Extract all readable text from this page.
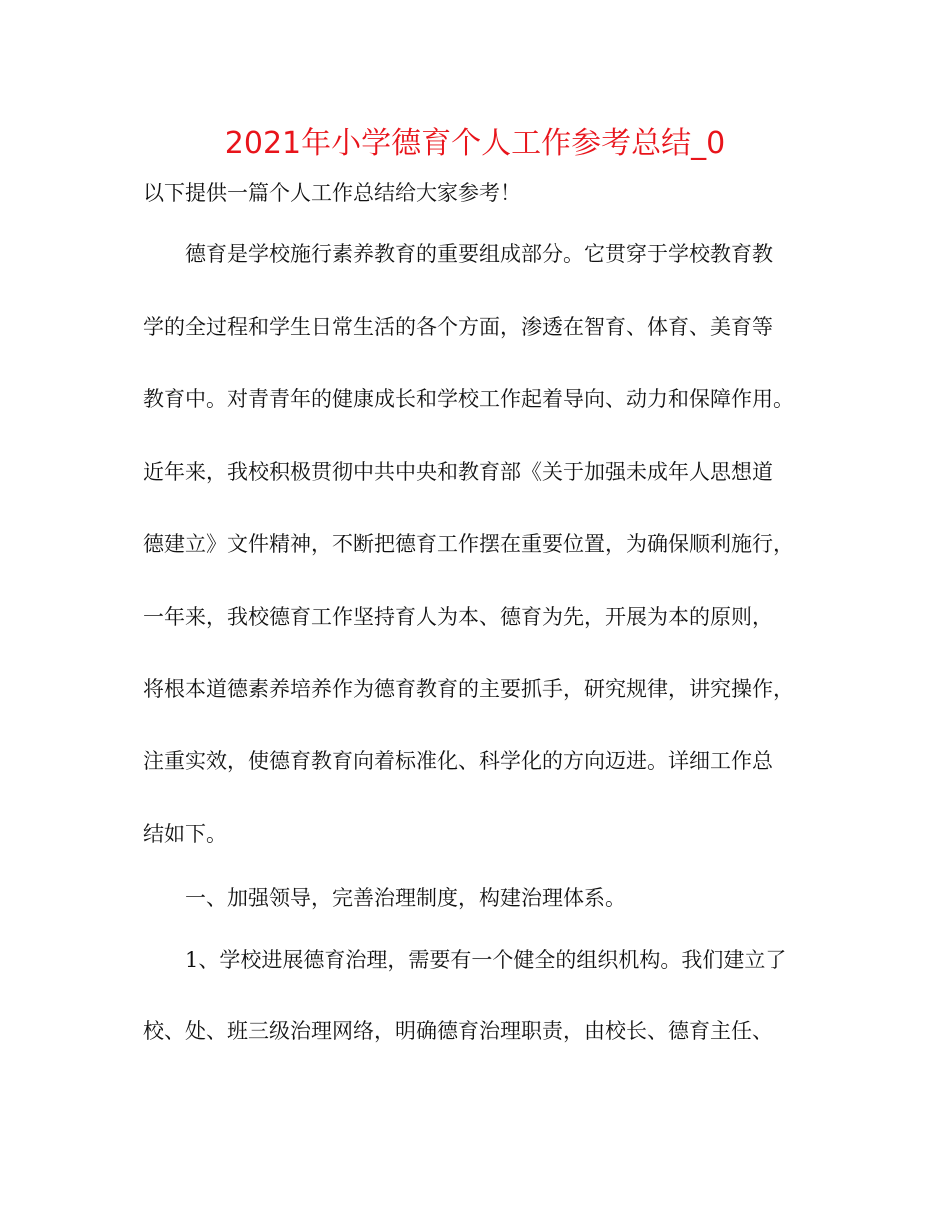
2021年小学德育个人工作参考总结_0
以下提供一篇个人工作总结给大家参考！
德育是学校施行素养教育的重要组成部分。它贯穿于学校教育教
学的全过程和学生日常生活的各个方面，渗透在智育、体育、美育等
教育中。对青青年的健康成长和学校工作起着导向、动力和保障作用。
近年来，我校积极贯彻中共中央和教育部《关于加强未成年人思想道
德建立》文件精神，不断把德育工作摆在重要位置，为确保顺利施行，
一年来，我校德育工作坚持育人为本、德育为先，开展为本的原则，
将根本道德素养培养作为德育教育的主要抓手，研究规律，讲究操作，
注重实效，使德育教育向着标准化、科学化的方向迈进。详细工作总
结如下。
一、加强领导，完善治理制度，构建治理体系。
1、学校进展德育治理，需要有一个健全的组织机构。我们建立了
校、处、班三级治理网络，明确德育治理职责，由校长、德育主任、
